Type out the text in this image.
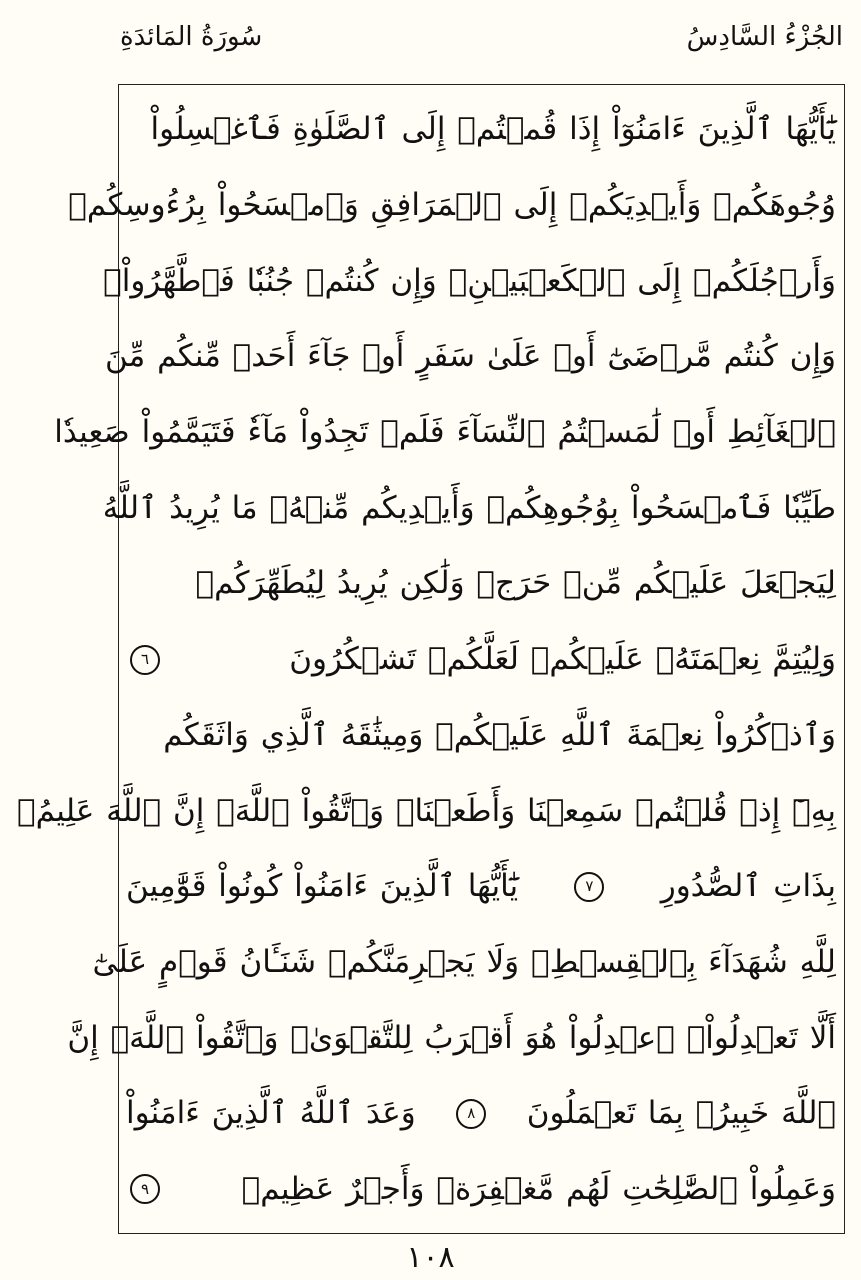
الجُزْءُ السَّادِسُ
سُورَةُ المَائدَةِ
يَٰٓأَيُّهَا ٱلَّذِينَ ءَامَنُوٓاْ إِذَا قُمۡتُمۡ إِلَى ٱلصَّلَوٰةِ فَٱغۡسِلُواْ
وُجُوهَكُمۡ وَأَيۡدِيَكُمۡ إِلَى ٱلۡمَرَافِقِ وَٱمۡسَحُواْ بِرُءُوسِكُمۡ
وَأَرۡجُلَكُمۡ إِلَى ٱلۡكَعۡبَيۡنِۚ وَإِن كُنتُمۡ جُنُبٗا فَٱطَّهَّرُواْۚ
وَإِن كُنتُم مَّرۡضَىٰٓ أَوۡ عَلَىٰ سَفَرٍ أَوۡ جَآءَ أَحَدٞ مِّنكُم مِّنَ
ٱلۡغَآئِطِ أَوۡ لَٰمَسۡتُمُ ٱلنِّسَآءَ فَلَمۡ تَجِدُواْ مَآءٗ فَتَيَمَّمُواْ صَعِيدٗا
طَيِّبٗا فَٱمۡسَحُواْ بِوُجُوهِكُمۡ وَأَيۡدِيكُم مِّنۡهُۚ مَا يُرِيدُ ٱللَّهُ
لِيَجۡعَلَ عَلَيۡكُم مِّنۡ حَرَجٖ وَلَٰكِن يُرِيدُ لِيُطَهِّرَكُمۡ
وَلِيُتِمَّ نِعۡمَتَهُۥ عَلَيۡكُمۡ لَعَلَّكُمۡ تَشۡكُرُونَ
٦
وَٱذۡكُرُواْ نِعۡمَةَ ٱللَّهِ عَلَيۡكُمۡ وَمِيثَٰقَهُ ٱلَّذِي وَاثَقَكُم
بِهِۦٓ إِذۡ قُلۡتُمۡ سَمِعۡنَا وَأَطَعۡنَاۖ وَٱتَّقُواْ ٱللَّهَۚ إِنَّ ٱللَّهَ عَلِيمُۢ
بِذَاتِ ٱلصُّدُورِ
٧
يَٰٓأَيُّهَا ٱلَّذِينَ ءَامَنُواْ كُونُواْ قَوَّٰمِينَ
لِلَّهِ شُهَدَآءَ بِٱلۡقِسۡطِۖ وَلَا يَجۡرِمَنَّكُمۡ شَنَـَٔانُ قَوۡمٍ عَلَىٰٓ
أَلَّا تَعۡدِلُواْۚ ٱعۡدِلُواْ هُوَ أَقۡرَبُ لِلتَّقۡوَىٰۖ وَٱتَّقُواْ ٱللَّهَۚ إِنَّ
ٱللَّهَ خَبِيرُۢ بِمَا تَعۡمَلُونَ
٨
وَعَدَ ٱللَّهُ ٱلَّذِينَ ءَامَنُواْ
وَعَمِلُواْ ٱلصَّٰلِحَٰتِ لَهُم مَّغۡفِرَةٞ وَأَجۡرٌ عَظِيمٞ
٩
١٠٨
